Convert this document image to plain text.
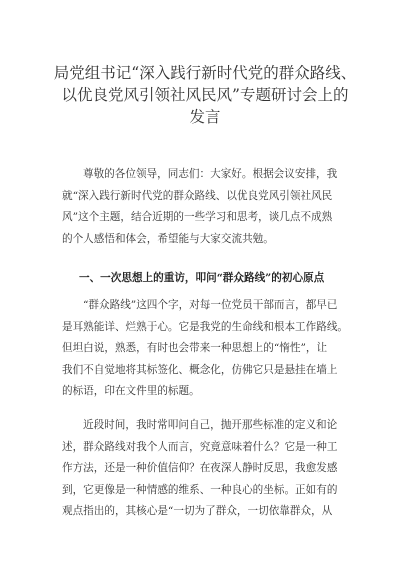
局党组书记“深入践行新时代党的群众路线、
以优良党风引领社风民风”专题研讨会上的
发言
尊敬的各位领导，同志们：大家好。根据会议安排，我
就“深入践行新时代党的群众路线、以优良党风引领社风民
风”这个主题，结合近期的一些学习和思考，谈几点不成熟
的个人感悟和体会，希望能与大家交流共勉。
一、一次思想上的重访，叩问“群众路线”的初心原点
“群众路线”这四个字，对每一位党员干部而言，都早已
是耳熟能详、烂熟于心。它是我党的生命线和根本工作路线。
但坦白说，熟悉，有时也会带来一种思想上的“惰性”，让
我们不自觉地将其标签化、概念化，仿佛它只是悬挂在墙上
的标语，印在文件里的标题。
近段时间，我时常叩问自己，抛开那些标准的定义和论
述，群众路线对我个人而言，究竟意味着什么？它是一种工
作方法，还是一种价值信仰？在夜深人静时反思，我愈发感
到，它更像是一种情感的维系、一种良心的坐标。正如有的
观点指出的，其核心是“一切为了群众，一切依靠群众，从
